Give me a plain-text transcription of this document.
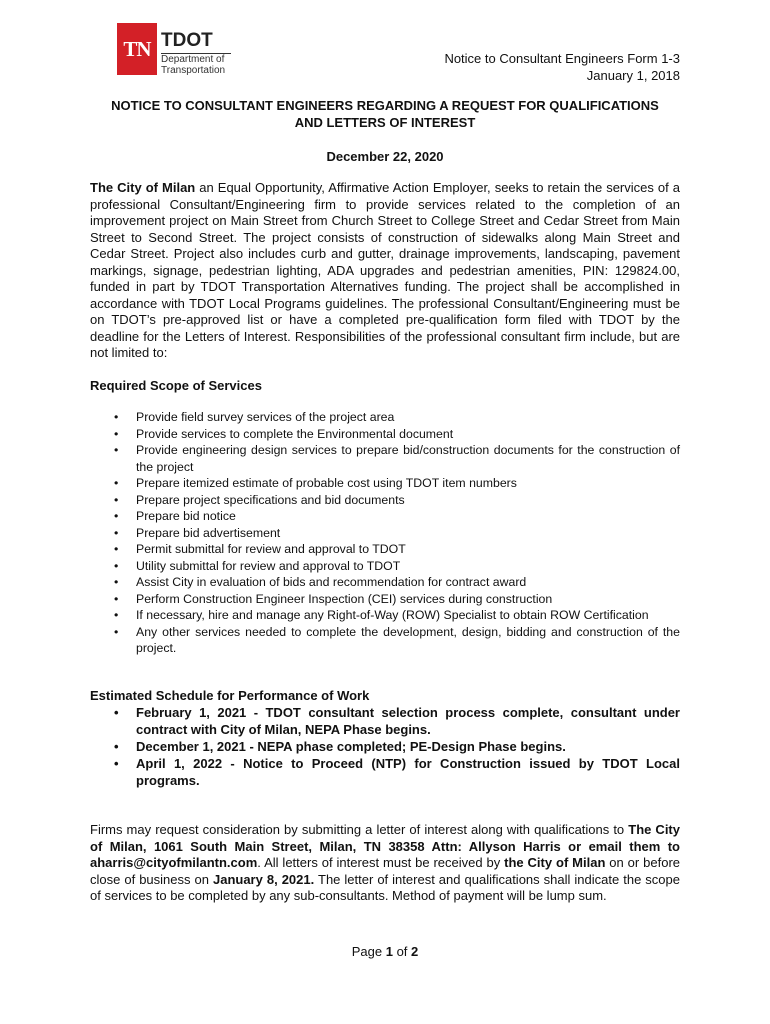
TN TDOT
Department of
Transportation
Notice to Consultant Engineers Form 1-3
January 1, 2018
NOTICE TO CONSULTANT ENGINEERS REGARDING A REQUEST FOR QUALIFICATIONS
AND LETTERS OF INTEREST
December 22, 2020
The City of Milan an Equal Opportunity, Affirmative Action Employer, seeks to retain the services of a professional Consultant/Engineering firm to provide services related to the completion of an improvement project on Main Street from Church Street to College Street and Cedar Street from Main Street to Second Street. The project consists of construction of sidewalks along Main Street and Cedar Street. Project also includes curb and gutter, drainage improvements, landscaping, pavement markings, signage, pedestrian lighting, ADA upgrades and pedestrian amenities, PIN: 129824.00, funded in part by TDOT Transportation Alternatives funding. The project shall be accomplished in accordance with TDOT Local Programs guidelines. The professional Consultant/Engineering must be on TDOT’s pre-approved list or have a completed pre-qualification form filed with TDOT by the deadline for the Letters of Interest. Responsibilities of the professional consultant firm include, but are not limited to:
Required Scope of Services
• Provide field survey services of the project area
• Provide services to complete the Environmental document
• Provide engineering design services to prepare bid/construction documents for the construction of the project
• Prepare itemized estimate of probable cost using TDOT item numbers
• Prepare project specifications and bid documents
• Prepare bid notice
• Prepare bid advertisement
• Permit submittal for review and approval to TDOT
• Utility submittal for review and approval to TDOT
• Assist City in evaluation of bids and recommendation for contract award
• Perform Construction Engineer Inspection (CEI) services during construction
• If necessary, hire and manage any Right-of-Way (ROW) Specialist to obtain ROW Certification
• Any other services needed to complete the development, design, bidding and construction of the project.
Estimated Schedule for Performance of Work
• February 1, 2021 - TDOT consultant selection process complete, consultant under contract with City of Milan, NEPA Phase begins.
• December 1, 2021 - NEPA phase completed; PE-Design Phase begins.
• April 1, 2022 - Notice to Proceed (NTP) for Construction issued by TDOT Local programs.
Firms may request consideration by submitting a letter of interest along with qualifications to The City of Milan, 1061 South Main Street, Milan, TN 38358 Attn: Allyson Harris or email them to aharris@cityofmilantn.com. All letters of interest must be received by the City of Milan on or before close of business on January 8, 2021. The letter of interest and qualifications shall indicate the scope of services to be completed by any sub-consultants. Method of payment will be lump sum.
Page 1 of 2
